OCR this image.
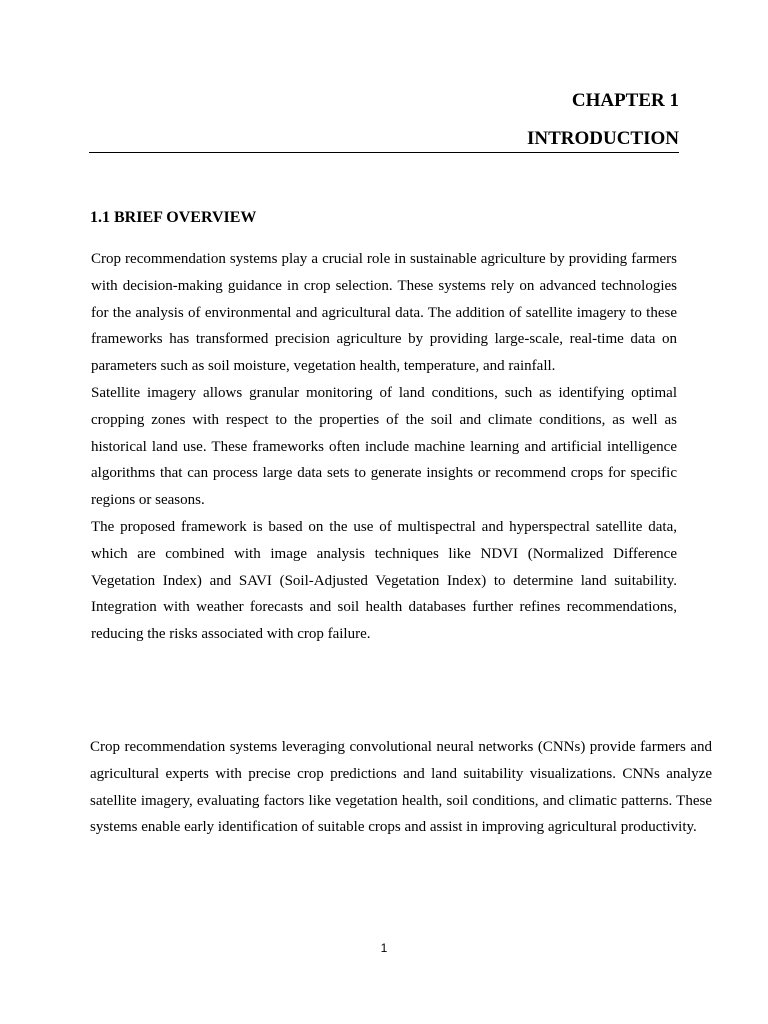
CHAPTER 1

INTRODUCTION

1.1 BRIEF OVERVIEW

Crop recommendation systems play a crucial role in sustainable agriculture by providing farmers with decision-making guidance in crop selection. These systems rely on advanced technologies for the analysis of environmental and agricultural data. The addition of satellite imagery to these frameworks has transformed precision agriculture by providing large-scale, real-time data on parameters such as soil moisture, vegetation health, temperature, and rainfall.

Satellite imagery allows granular monitoring of land conditions, such as identifying optimal cropping zones with respect to the properties of the soil and climate conditions, as well as historical land use. These frameworks often include machine learning and artificial intelligence algorithms that can process large data sets to generate insights or recommend crops for specific regions or seasons.

The proposed framework is based on the use of multispectral and hyperspectral satellite data, which are combined with image analysis techniques like NDVI (Normalized Difference Vegetation Index) and SAVI (Soil-Adjusted Vegetation Index) to determine land suitability. Integration with weather forecasts and soil health databases further refines recommendations, reducing the risks associated with crop failure.

Crop recommendation systems leveraging convolutional neural networks (CNNs) provide farmers and agricultural experts with precise crop predictions and land suitability visualizations. CNNs analyze satellite imagery, evaluating factors like vegetation health, soil conditions, and climatic patterns. These systems enable early identification of suitable crops and assist in improving agricultural productivity.

1
